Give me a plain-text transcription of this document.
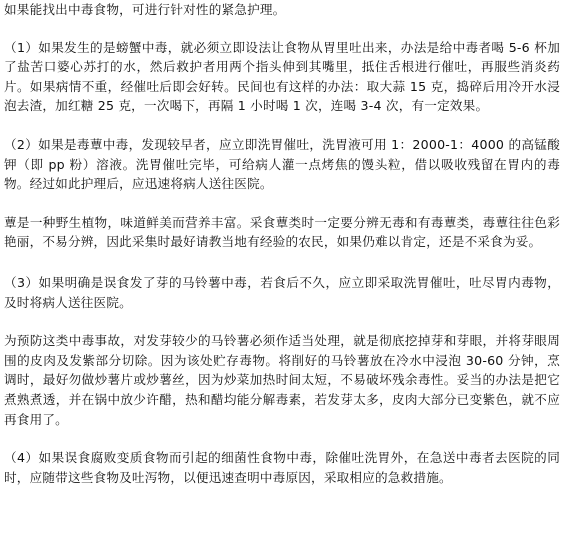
如果能找出中毒食物，可进行针对性的紧急护理。

（1）如果发生的是螃蟹中毒，就必须立即设法让食物从胃里吐出来，办法是给中毒者喝 5-6 杯加了盐苦口婆心苏打的水，然后救护者用两个指头伸到其嘴里，抵住舌根进行催吐，再服些消炎药片。如果病情不重，经催吐后即会好转。民间也有这样的办法：取大蒜 15 克，捣碎后用冷开水浸泡去渣，加红糖 25 克，一次喝下，再隔 1 小时喝 1 次，连喝 3-4 次，有一定效果。

（2）如果是毒蕈中毒，发现较早者，应立即洗胃催吐，洗胃液可用 1：2000-1：4000 的高锰酸钾（即 pp 粉）溶液。洗胃催吐完毕，可给病人灌一点烤焦的馒头粒，借以吸收残留在胃内的毒物。经过如此护理后，应迅速将病人送往医院。

蕈是一种野生植物，味道鲜美而营养丰富。采食蕈类时一定要分辨无毒和有毒蕈类，毒蕈往往色彩艳丽，不易分辨，因此采集时最好请教当地有经验的农民，如果仍难以肯定，还是不采食为妥。

（3）如果明确是误食发了芽的马铃薯中毒，若食后不久，应立即采取洗胃催吐，吐尽胃内毒物，及时将病人送往医院。

为预防这类中毒事故，对发芽较少的马铃薯必须作适当处理，就是彻底挖掉芽和芽眼，并将芽眼周围的皮肉及发紫部分切除。因为该处贮存毒物。将削好的马铃薯放在冷水中浸泡 30-60 分钟，烹调时，最好勿做炒薯片或炒薯丝，因为炒菜加热时间太短，不易破坏残余毒性。妥当的办法是把它煮熟煮透，并在锅中放少许醋，热和醋均能分解毒素，若发芽太多，皮肉大部分已变紫色，就不应再食用了。

（4）如果误食腐败变质食物而引起的细菌性食物中毒，除催吐洗胃外，在急送中毒者去医院的同时，应随带这些食物及吐泻物，以便迅速查明中毒原因，采取相应的急救措施。
